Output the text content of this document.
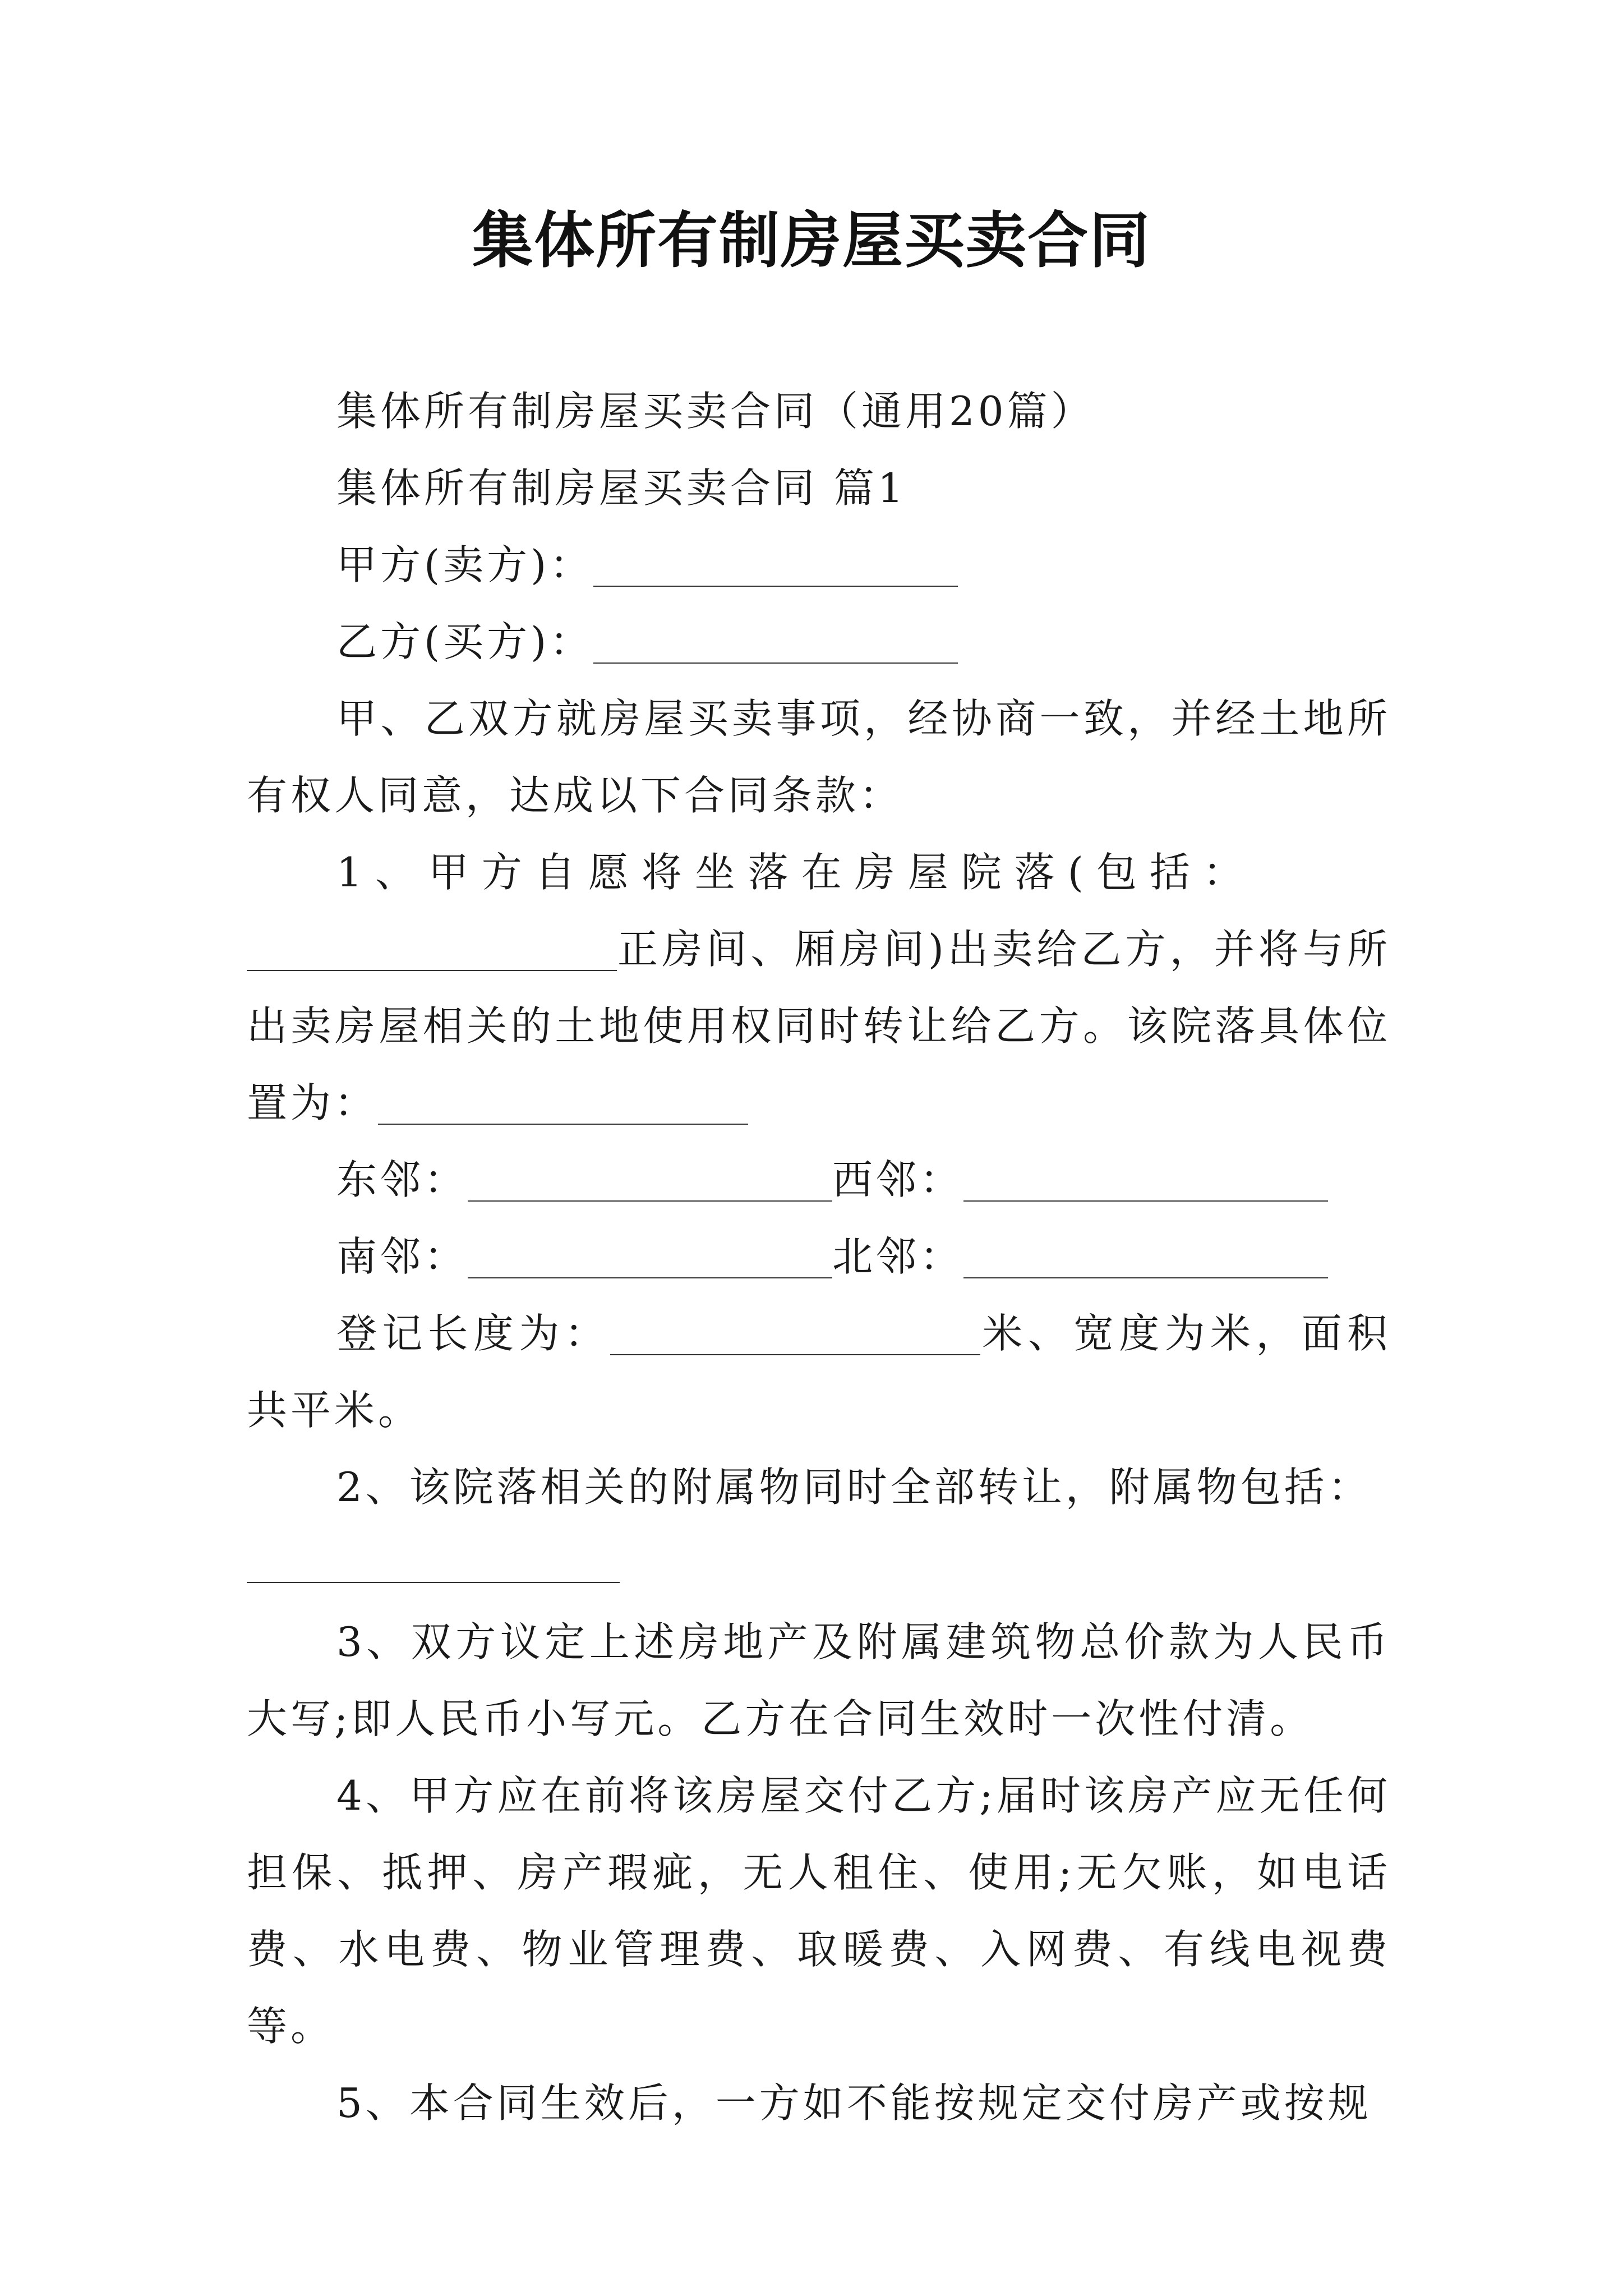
集体所有制房屋买卖合同

集体所有制房屋买卖合同（通用20篇）

集体所有制房屋买卖合同 篇1

甲方(卖方)：

乙方(买方)：

甲、乙双方就房屋买卖事项，经协商一致，并经土地所有权人同意，达成以下合同条款：

1、甲方自愿将坐落在房屋院落(包括：

正房间、厢房间)出卖给乙方，并将与所出卖房屋相关的土地使用权同时转让给乙方。该院落具体位置为：

东邻：	西邻：

南邻：	北邻：

登记长度为：	米、宽度为米，面积共平米。

2、该院落相关的附属物同时全部转让，附属物包括：

3、双方议定上述房地产及附属建筑物总价款为人民币大写;即人民币小写元。乙方在合同生效时一次性付清。

4、甲方应在前将该房屋交付乙方;届时该房产应无任何担保、抵押、房产瑕疵，无人租住、使用;无欠账，如电话费、水电费、物业管理费、取暖费、入网费、有线电视费等。

5、本合同生效后，一方如不能按规定交付房产或按规
